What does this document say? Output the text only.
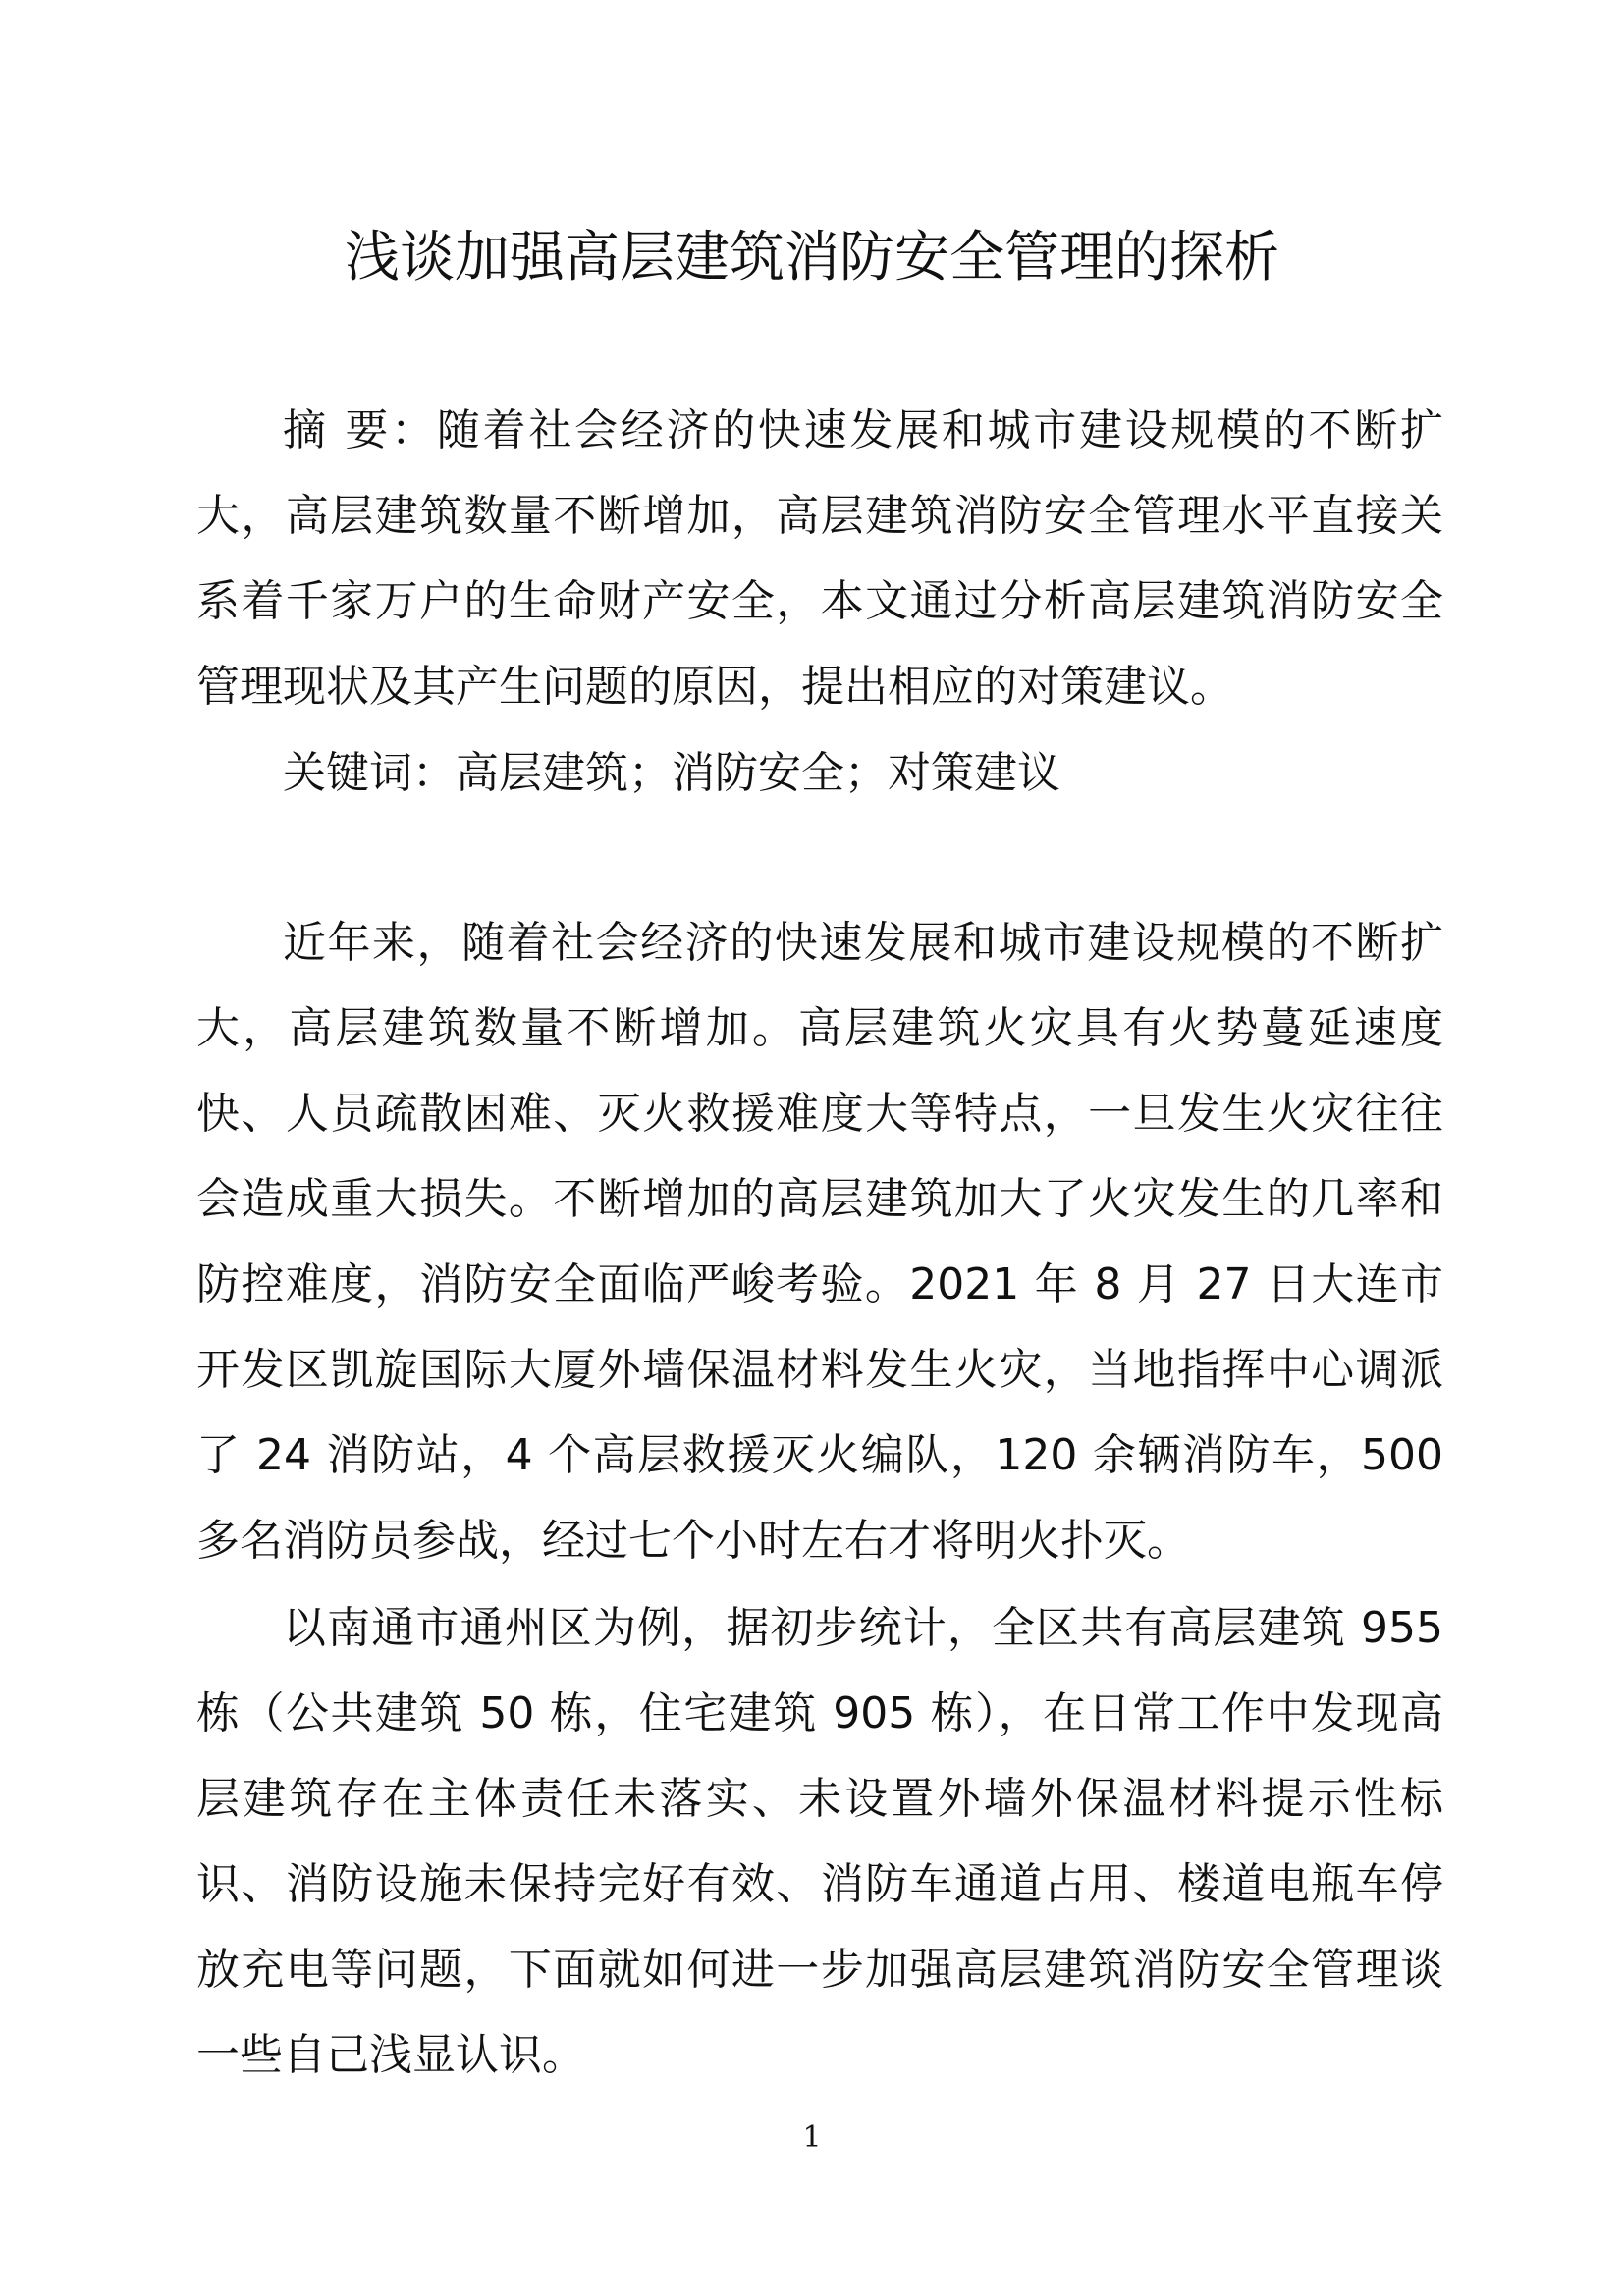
浅谈加强高层建筑消防安全管理的探析

摘 要：随着社会经济的快速发展和城市建设规模的不断扩大，高层建筑数量不断增加，高层建筑消防安全管理水平直接关系着千家万户的生命财产安全，本文通过分析高层建筑消防安全管理现状及其产生问题的原因，提出相应的对策建议。

关键词：高层建筑；消防安全；对策建议

近年来，随着社会经济的快速发展和城市建设规模的不断扩大，高层建筑数量不断增加。高层建筑火灾具有火势蔓延速度快、人员疏散困难、灭火救援难度大等特点，一旦发生火灾往往会造成重大损失。不断增加的高层建筑加大了火灾发生的几率和防控难度，消防安全面临严峻考验。2021 年 8 月 27 日大连市开发区凯旋国际大厦外墙保温材料发生火灾，当地指挥中心调派了 24 消防站，4 个高层救援灭火编队，120 余辆消防车，500 多名消防员参战，经过七个小时左右才将明火扑灭。

以南通市通州区为例，据初步统计，全区共有高层建筑 955 栋（公共建筑 50 栋，住宅建筑 905 栋），在日常工作中发现高层建筑存在主体责任未落实、未设置外墙外保温材料提示性标识、消防设施未保持完好有效、消防车通道占用、楼道电瓶车停放充电等问题，下面就如何进一步加强高层建筑消防安全管理谈一些自己浅显认识。

1
